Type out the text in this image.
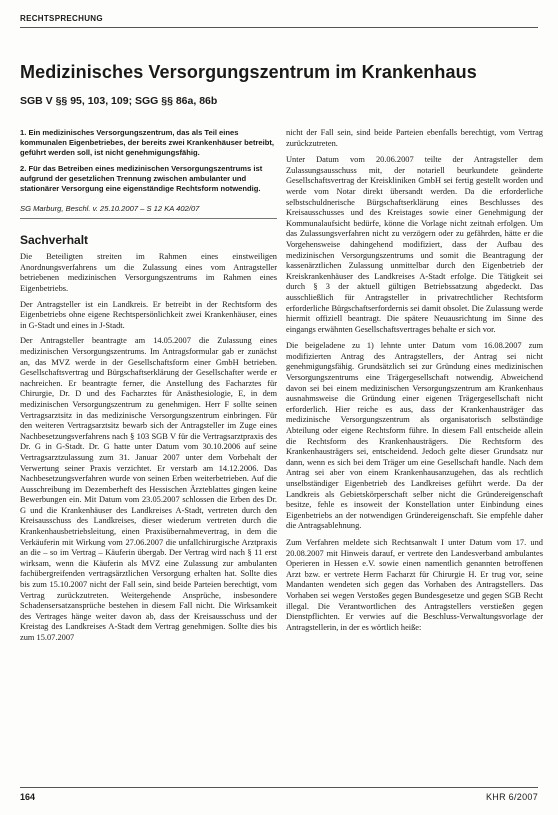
RECHTSPRECHUNG
Medizinisches Versorgungszentrum im Krankenhaus
SGB V §§ 95, 103, 109; SGG §§ 86a, 86b

1. Ein medizinisches Versorgungszentrum, das als Teil eines kommunalen Eigenbetriebes, der bereits zwei Krankenhäuser betreibt, geführt werden soll, ist nicht genehmigungsfähig.

2. Für das Betreiben eines medizinischen Versorgungszentrums ist aufgrund der gesetzlichen Trennung zwischen ambulanter und stationärer Versorgung eine eigenständige Rechtsform notwendig.

SG Marburg, Beschl. v. 25.10.2007 – S 12 KA 402/07

Sachverhalt

Die Beteiligten streiten im Rahmen eines einstweiligen Anordnungsverfahrens um die Zulassung eines vom Antragsteller betriebenen medizinischen Versorgungszentrums im Rahmen eines Eigenbetriebs.

Der Antragsteller ist ein Landkreis. Er betreibt in der Rechtsform des Eigenbetriebs ohne eigene Rechtspersönlichkeit zwei Krankenhäuser, eines in G-Stadt und eines in J-Stadt.

Der Antragsteller beantragte am 14.05.2007 die Zulassung eines medizinischen Versorgungszentrums. Im Antragsformular gab er zunächst an, das MVZ werde in der Gesellschaftsform einer GmbH betrieben. Gesellschaftsvertrag und Bürgschaftserklärung der Gesellschafter werde er nachreichen. Er beantragte ferner, die Anstellung des Facharztes für Chirurgie, Dr. D und des Facharztes für Anästhesiologie, E, in dem medizinischen Versorgungszentrum zu genehmigen. Herr F sollte seinen Vertragsarztsitz in das medizinische Versorgungszentrum einbringen. Für den weiteren Vertragsarztsitz bewarb sich der Antragsteller im Zuge eines Nachbesetzungsverfahrens nach § 103 SGB V für die Vertragsarztpraxis des Dr. G in G-Stadt. Dr. G hatte unter Datum vom 30.10.2006 auf seine Vertragsarztzulassung zum 31. Januar 2007 unter dem Vorbehalt der Verwertung seiner Praxis verzichtet. Er verstarb am 14.12.2006. Das Nachbesetzungsverfahren wurde von seinen Erben weiterbetrieben. Auf die Ausschreibung im Dezemberheft des Hessischen Ärzteblattes gingen keine Bewerbungen ein. Mit Datum vom 23.05.2007 schlossen die Erben des Dr. G und die Krankenhäuser des Landkreises A-Stadt, vertreten durch den Kreisausschuss des Landkreises, dieser wiederum vertreten durch die Krankenhausbetriebsleitung, einen Praxisübernahmevertrag, in dem die Verkäuferin mit Wirkung vom 27.06.2007 die unfallchirurgische Arztpraxis an die – so im Vertrag – Käuferin übergab. Der Vertrag wird nach § 11 erst wirksam, wenn die Käuferin als MVZ eine Zulassung zur ambulanten fachübergreifenden vertragsärztlichen Versorgung erhalten hat. Sollte dies bis zum 15.10.2007 nicht der Fall sein, sind beide Parteien berechtigt, vom Vertrag zurückzutreten. Weitergehende Ansprüche, insbesondere Schadensersatzansprüche bestehen in diesem Fall nicht. Die Wirksamkeit des Vertrages hänge weiter davon ab, dass der Kreisausschuss und der Kreistag des Landkreises A-Stadt dem Vertrag genehmigen. Sollte dies bis zum 15.07.2007

nicht der Fall sein, sind beide Parteien ebenfalls berechtigt, vom Vertrag zurückzutreten.

Unter Datum vom 20.06.2007 teilte der Antragsteller dem Zulassungsausschuss mit, der notariell beurkundete geänderte Gesellschaftsvertrag der Kreiskliniken GmbH sei fertig gestellt worden und werde vom Notar direkt übersandt werden. Da die erforderliche selbstschuldnerische Bürgschaftserklärung eines Beschlusses des Kreisausschusses und des Kreistages sowie einer Genehmigung der Kommunalaufsicht bedürfe, könne die Vorlage nicht zeitnah erfolgen. Um das Zulassungsverfahren nicht zu verzögern oder zu gefährden, hätte er die Vorgehensweise dahingehend modifiziert, dass der Aufbau des medizinischen Versorgungszentrums und somit die Beantragung der kassenärztlichen Zulassung unmittelbar durch den Eigenbetrieb der Kreiskrankenhäuser des Landkreises A-Stadt erfolge. Die Tätigkeit sei durch § 3 der aktuell gültigen Betriebssatzung abgedeckt. Das ausschließlich für Antragsteller in privatrechtlicher Rechtsform erforderliche Bürgschaftserfordernis sei damit obsolet. Die Zulassung werde hiermit offiziell beantragt. Die spätere Neuausrichtung im Sinne des eingangs erwähnten Gesellschaftsvertrages behalte er sich vor.

Die beigeladene zu 1) lehnte unter Datum vom 16.08.2007 zum modifizierten Antrag des Antragstellers, der Antrag sei nicht genehmigungsfähig. Grundsätzlich sei zur Gründung eines medizinischen Versorgungszentrums eine Trägergesellschaft notwendig. Abweichend davon sei bei einem medizinischen Versorgungszentrum am Krankenhaus ausnahmsweise die Gründung einer eigenen Trägergesellschaft nicht erforderlich. Hier reiche es aus, dass der Krankenhausträger das medizinische Versorgungszentrum als organisatorisch selbständige Abteilung oder eigene Rechtsform führe. In diesem Fall entscheide allein die Rechtsform des Krankenhausträgers. Die Rechtsform des Krankenhausträgers sei, entscheidend. Jedoch gelte dieser Grundsatz nur dann, wenn es sich bei dem Träger um eine Gesellschaft handle. Nach dem Antrag sei aber von einem Krankenhausanzugehen, das als rechtlich unselbständiger Eigenbetrieb des Landkreises geführt werde. Da der Landkreis als Gebietskörperschaft selber nicht die Gründereigenschaft besitze, fehle es insoweit der Konstellation unter Einbindung eines Eigenbetriebs an der notwendigen Gründereigenschaft. Sie empfehle daher die Antragsablehnung.

Zum Verfahren meldete sich Rechtsanwalt I unter Datum vom 17. und 20.08.2007 mit Hinweis darauf, er vertrete den Landesverband ambulantes Operieren in Hessen e.V. sowie einen namentlich genannten betroffenen Arzt bzw. er vertrete Herrn Facharzt für Chirurgie H. Er trug vor, seine Mandanten wendeten sich gegen das Vorhaben des Antragstellers. Das Vorhaben sei wegen Verstoßes gegen Bundesgesetze und gegen SGB Recht illegal. Die Verantwortlichen des Antragstellers verstießen gegen Dienstpflichten. Er verwies auf die Beschluss-Verwaltungsvorlage der Antragstellerin, in der es wörtlich heiße:

164	KHR 6/2007
